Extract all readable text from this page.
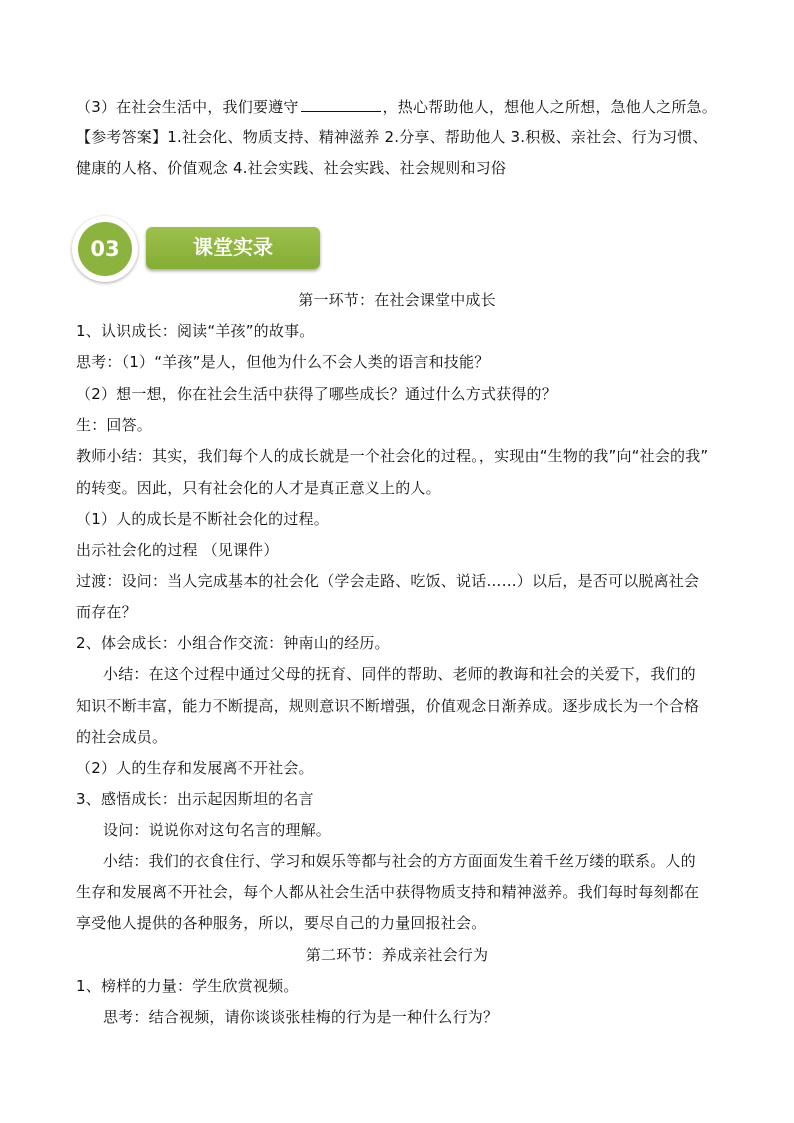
（3）在社会生活中，我们要遵守	，热心帮助他人，想他人之所想，急他人之所急。
【参考答案】1.社会化、物质支持、精神滋养 2.分享、帮助他人 3.积极、亲社会、行为习惯、
健康的人格、价值观念 4.社会实践、社会实践、社会规则和习俗
03	课堂实录
第一环节：在社会课堂中成长
1、认识成长：阅读“羊孩”的故事。
思考：（1）“羊孩”是人，但他为什么不会人类的语言和技能？
（2）想一想，你在社会生活中获得了哪些成长？通过什么方式获得的？
生：回答。
教师小结：其实，我们每个人的成长就是一个社会化的过程。，实现由“生物的我”向“社会的我”
的转变。因此，只有社会化的人才是真正意义上的人。
（1）人的成长是不断社会化的过程。
出示社会化的过程 （见课件）
过渡：设问：当人完成基本的社会化（学会走路、吃饭、说话……）以后，是否可以脱离社会
而存在？
2、体会成长：小组合作交流：钟南山的经历。
小结：在这个过程中通过父母的抚育、同伴的帮助、老师的教诲和社会的关爱下，我们的
知识不断丰富，能力不断提高，规则意识不断增强，价值观念日渐养成。逐步成长为一个合格
的社会成员。
（2）人的生存和发展离不开社会。
3、感悟成长：出示起因斯坦的名言
设问：说说你对这句名言的理解。
小结：我们的衣食住行、学习和娱乐等都与社会的方方面面发生着千丝万缕的联系。人的
生存和发展离不开社会，每个人都从社会生活中获得物质支持和精神滋养。我们每时每刻都在
享受他人提供的各种服务，所以，要尽自己的力量回报社会。
第二环节：养成亲社会行为
1、榜样的力量：学生欣赏视频。
思考：结合视频，请你谈谈张桂梅的行为是一种什么行为？
